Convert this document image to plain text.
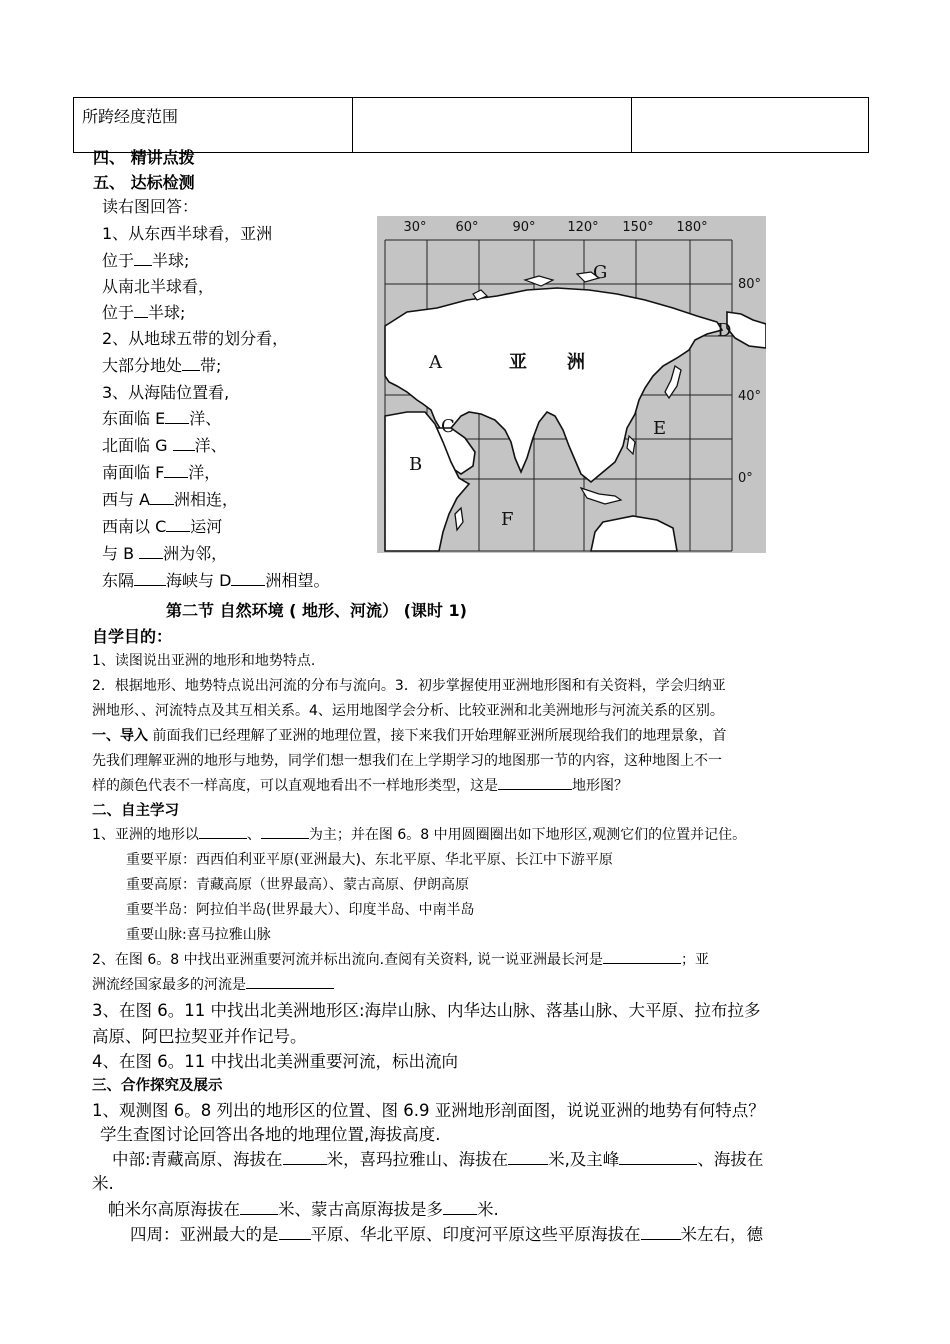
所跨经度范围		
四、 精讲点拨
五、 达标检测
读右图回答：
1、从东西半球看，亚洲
位于 半球;
从南北半球看，
位于 半球;
2、从地球五带的划分看，
大部分地处 带;
3、从海陆位置看,
东面临 E 洋、
北面临 G 洋、
南面临 F 洋，
西与 A 洲相连，
西南以 C 运河
与 B 洲为邻，
东隔 海峡与 D 洲相望。
30° 60°	90° 120° 150° 180°
80°
40°
0°
A
B
C
D
E
F
G
亚 洲
第二节 自然环境 ( 地形、河流） (课时 1)
自学目的：
1、读图说出亚洲的地形和地势特点.
2．根据地形、地势特点说出河流的分布与流向。3．初步掌握使用亚洲地形图和有关资料，学会归纳亚
洲地形、、河流特点及其互相关系。4、运用地图学会分析、比较亚洲和北美洲地形与河流关系的区别。
一、导入 前面我们已经理解了亚洲的地理位置，接下来我们开始理解亚洲所展现给我们的地理景象，首
先我们理解亚洲的地形与地势，同学们想一想我们在上学期学习的地图那一节的内容，这种地图上不一
样的颜色代表不一样高度，可以直观地看出不一样地形类型，这是	地形图？
二、自主学习
1、亚洲的地形以	、	为主；并在图 6。8 中用圆圈圈出如下地形区,观测它们的位置并记住。
重要平原：西西伯利亚平原(亚洲最大)、东北平原、华北平原、长江中下游平原
重要高原：青藏高原（世界最高）、蒙古高原、伊朗高原
重要半岛：阿拉伯半岛(世界最大）、印度半岛、中南半岛
重要山脉:喜马拉雅山脉
2、在图 6。8 中找出亚洲重要河流并标出流向.查阅有关资料, 说一说亚洲最长河是	；亚
洲流经国家最多的河流是
3、在图 6。11 中找出北美洲地形区:海岸山脉、内华达山脉、落基山脉、大平原、拉布拉多
高原、阿巴拉契亚并作记号。
4、在图 6。11 中找出北美洲重要河流，标出流向
三、合作探究及展示
1、观测图 6。8 列出的地形区的位置、图 6.9 亚洲地形剖面图，说说亚洲的地势有何特点？
学生查图讨论回答出各地的地理位置,海拔高度.
中部:青藏高原、海拔在	米，喜玛拉雅山、海拔在 米,及主峰	、海拔在
米.
帕米尔高原海拔在 米、蒙古高原海拔是多 米.
四周：亚洲最大的是 平原、华北平原、印度河平原这些平原海拔在 米左右，德
